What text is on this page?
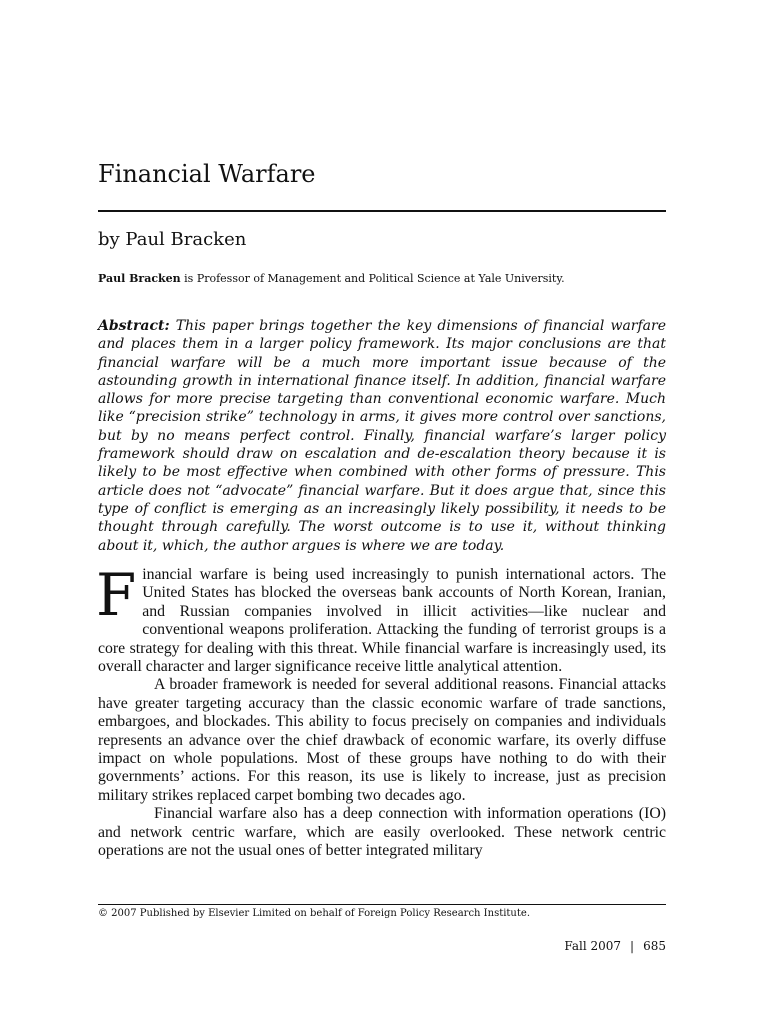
Financial Warfare
by Paul Bracken
Paul Bracken is Professor of Management and Political Science at Yale University.
Abstract: This paper brings together the key dimensions of financial warfare and places them in a larger policy framework. Its major conclusions are that financial warfare will be a much more important issue because of the astounding growth in international finance itself. In addition, financial warfare allows for more precise targeting than conventional economic warfare. Much like “precision strike” technology in arms, it gives more control over sanctions, but by no means perfect control. Finally, financial warfare’s larger policy framework should draw on escalation and de-escalation theory because it is likely to be most effective when combined with other forms of pressure. This article does not “advocate” financial warfare. But it does argue that, since this type of conflict is emerging as an increasingly likely possibility, it needs to be thought through carefully. The worst outcome is to use it, without thinking about it, which, the author argues is where we are today.

Financial warfare is being used increasingly to punish international actors. The United States has blocked the overseas bank accounts of North Korean, Iranian, and Russian companies involved in illicit activities—like nuclear and conventional weapons proliferation. Attacking the funding of terrorist groups is a core strategy for dealing with this threat. While financial warfare is increasingly used, its overall character and larger significance receive little analytical attention.

A broader framework is needed for several additional reasons. Financial attacks have greater targeting accuracy than the classic economic warfare of trade sanctions, embargoes, and blockades. This ability to focus precisely on companies and individuals represents an advance over the chief drawback of economic warfare, its overly diffuse impact on whole populations. Most of these groups have nothing to do with their governments’ actions. For this reason, its use is likely to increase, just as precision military strikes replaced carpet bombing two decades ago.

Financial warfare also has a deep connection with information operations (IO) and network centric warfare, which are easily overlooked. These network centric operations are not the usual ones of better integrated military

© 2007 Published by Elsevier Limited on behalf of Foreign Policy Research Institute.
Fall 2007 | 685
